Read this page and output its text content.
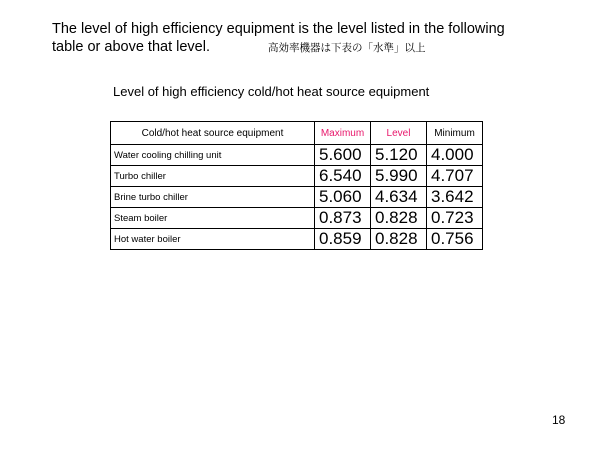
The level of high efficiency equipment is the level listed in the following
table or above that level.	高効率機器は下表の「水準」以上
Level of high efficiency cold/hot heat source equipment
Cold/hot heat source equipment	Maximum	Level	Minimum
Water cooling chilling unit	5.600	5.120	4.000
Turbo chiller	6.540	5.990	4.707
Brine turbo chiller	5.060	4.634	3.642
Steam boiler	0.873	0.828	0.723
Hot water boiler	0.859	0.828	0.756
18
